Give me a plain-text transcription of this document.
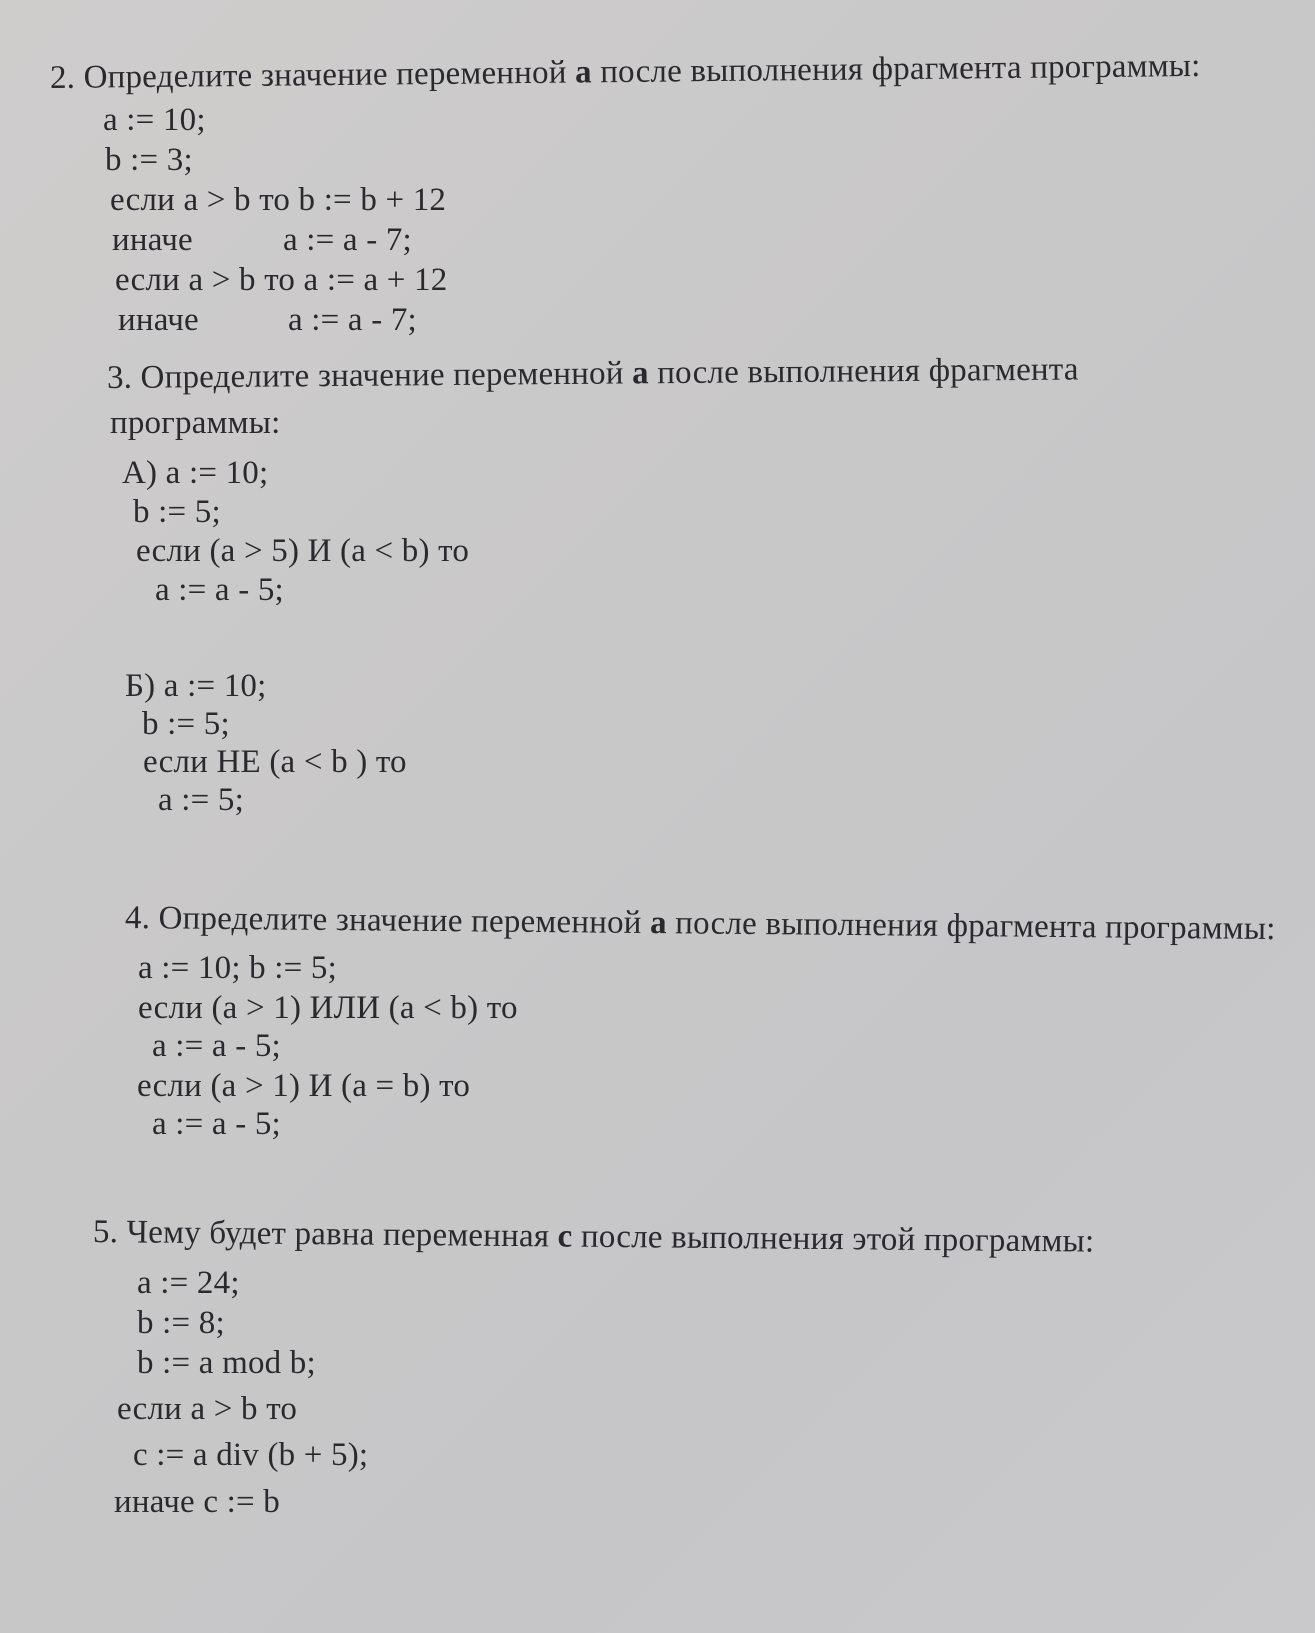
2. Определите значение переменной a после выполнения фрагмента программы:
a := 10;
b := 3;
если a > b то b := b + 12
иначе	a := a - 7;
если a > b то a := a + 12
иначе	a := a - 7;
3. Определите значение переменной a после выполнения фрагмента
программы:
А) a := 10;
b := 5;
если (a > 5) И (a < b) то
a := a - 5;
Б) a := 10;
b := 5;
если НЕ (a < b ) то
a := 5;
4. Определите значение переменной a после выполнения фрагмента программы:
a := 10; b := 5;
если (a > 1) ИЛИ (a < b) то
a := a - 5;
если (a > 1) И (a = b) то
a := a - 5;
5. Чему будет равна переменная c после выполнения этой программы:
a := 24;
b := 8;
b := a mod b;
если a > b то
c := a div (b + 5);
иначе c := b
